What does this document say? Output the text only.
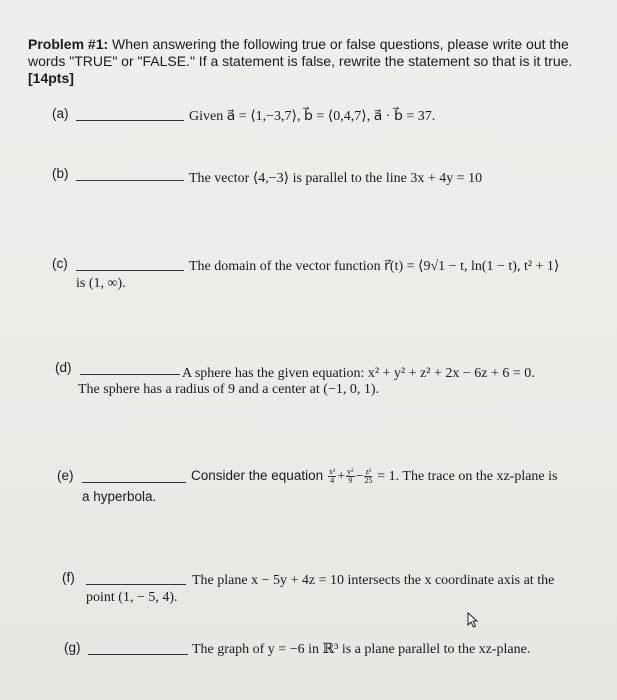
Problem #1: When answering the following true or false questions, please write out the
words "TRUE" or "FALSE." If a statement is false, rewrite the statement so that is it true.
[14pts]
(a)	Given a⃗ = ⟨1,−3,7⟩, b⃗ = ⟨0,4,7⟩, a⃗ · b⃗ = 37.
(b)	The vector ⟨4,−3⟩ is parallel to the line 3x + 4y = 10
(c)	The domain of the vector function r⃗(t) = ⟨9√1 − t, ln(1 − t), t² + 1⟩
is (1, ∞).
(d)	A sphere has the given equation: x² + y² + z² + 2x − 6z + 6 = 0.
The sphere has a radius of 9 and a center at (−1, 0, 1).
(e)	Consider the equation $\frac{\text{x²}}{4} + \frac{\text{y²}}{9} - \frac{\text{z²}}{25} = 1$. The trace on the xz-plane is
a hyperbola.
(f)	The plane x − 5y + 4z = 10 intersects the x coordinate axis at the
point (1, − 5, 4).
(g)	The graph of y = −6 in ℝ³ is a plane parallel to the xz-plane.
